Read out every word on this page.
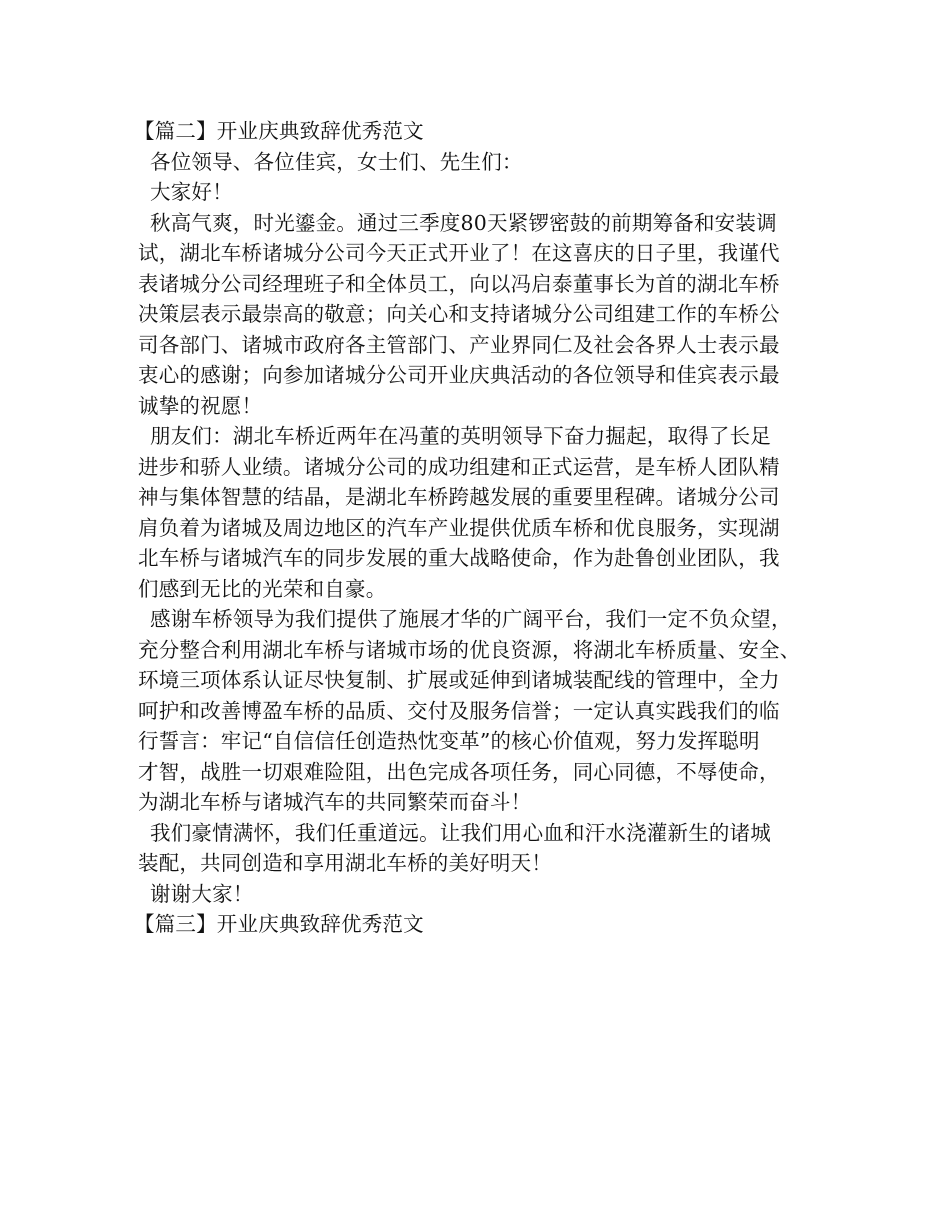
【篇二】开业庆典致辞优秀范文
各位领导、各位佳宾，女士们、先生们：
大家好！
秋高气爽，时光鎏金。通过三季度80天紧锣密鼓的前期筹备和安装调
试，湖北车桥诸城分公司今天正式开业了！在这喜庆的日子里，我谨代
表诸城分公司经理班子和全体员工，向以冯启泰董事长为首的湖北车桥
决策层表示最崇高的敬意；向关心和支持诸城分公司组建工作的车桥公
司各部门、诸城市政府各主管部门、产业界同仁及社会各界人士表示最
衷心的感谢；向参加诸城分公司开业庆典活动的各位领导和佳宾表示最
诚挚的祝愿！
朋友们：湖北车桥近两年在冯董的英明领导下奋力掘起，取得了长足
进步和骄人业绩。诸城分公司的成功组建和正式运营，是车桥人团队精
神与集体智慧的结晶，是湖北车桥跨越发展的重要里程碑。诸城分公司
肩负着为诸城及周边地区的汽车产业提供优质车桥和优良服务，实现湖
北车桥与诸城汽车的同步发展的重大战略使命，作为赴鲁创业团队，我
们感到无比的光荣和自豪。
感谢车桥领导为我们提供了施展才华的广阔平台，我们一定不负众望，
充分整合利用湖北车桥与诸城市场的优良资源，将湖北车桥质量、安全、
环境三项体系认证尽快复制、扩展或延伸到诸城装配线的管理中，全力
呵护和改善博盈车桥的品质、交付及服务信誉；一定认真实践我们的临
行誓言：牢记“自信信任创造热忱变革”的核心价值观，努力发挥聪明
才智，战胜一切艰难险阻，出色完成各项任务，同心同德，不辱使命，
为湖北车桥与诸城汽车的共同繁荣而奋斗！
我们豪情满怀，我们任重道远。让我们用心血和汗水浇灌新生的诸城
装配，共同创造和享用湖北车桥的美好明天！
谢谢大家！
【篇三】开业庆典致辞优秀范文
